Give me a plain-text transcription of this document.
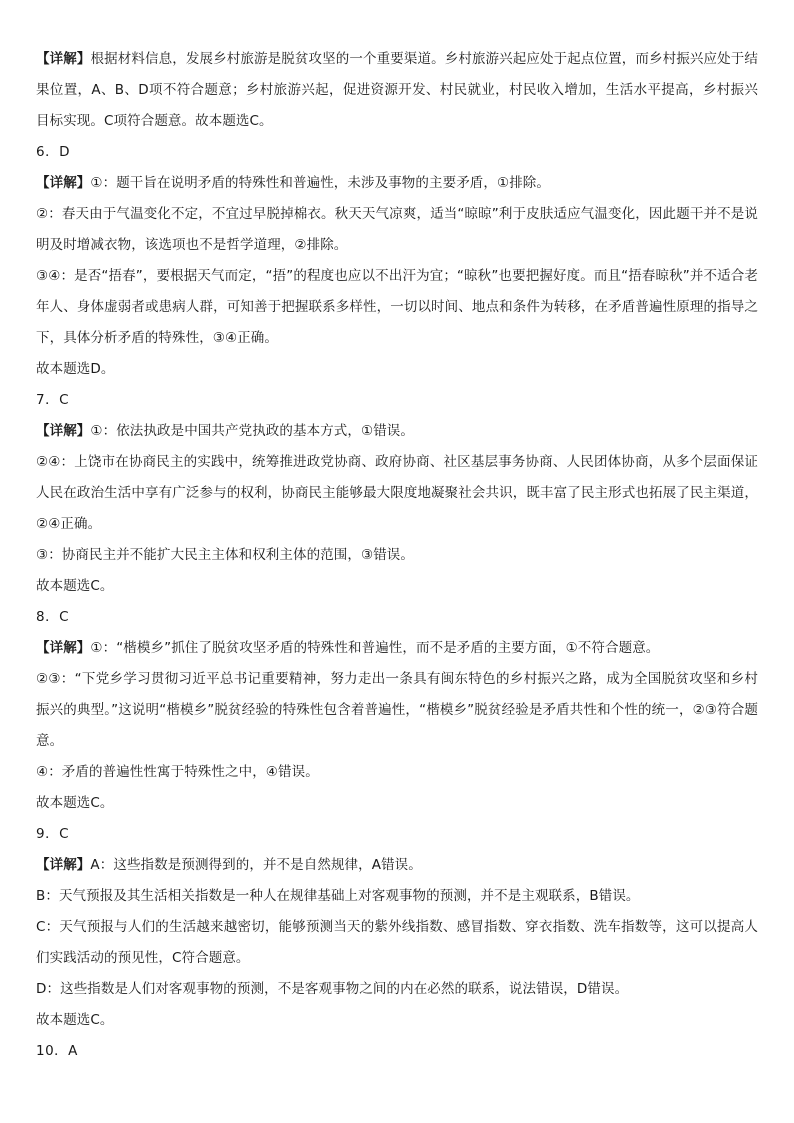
【详解】根据材料信息，发展乡村旅游是脱贫攻坚的一个重要渠道。乡村旅游兴起应处于起点位置，而乡村振兴应处于结果位置，A、B、D项不符合题意；乡村旅游兴起，促进资源开发、村民就业，村民收入增加，生活水平提高，乡村振兴目标实现。C项符合题意。故本题选C。

6．D

【详解】①：题干旨在说明矛盾的特殊性和普遍性，未涉及事物的主要矛盾，①排除。

②：春天由于气温变化不定，不宜过早脱掉棉衣。秋天天气凉爽，适当“晾晾”利于皮肤适应气温变化，因此题干并不是说明及时增减衣物，该选项也不是哲学道理，②排除。

③④：是否“捂春”，要根据天气而定，“捂”的程度也应以不出汗为宜；“晾秋”也要把握好度。而且“捂春晾秋”并不适合老年人、身体虚弱者或患病人群，可知善于把握联系多样性，一切以时间、地点和条件为转移，在矛盾普遍性原理的指导之下，具体分析矛盾的特殊性，③④正确。

故本题选D。

7．C

【详解】①：依法执政是中国共产党执政的基本方式，①错误。

②④：上饶市在协商民主的实践中，统筹推进政党协商、政府协商、社区基层事务协商、人民团体协商，从多个层面保证人民在政治生活中享有广泛参与的权利，协商民主能够最大限度地凝聚社会共识，既丰富了民主形式也拓展了民主渠道，②④正确。

③：协商民主并不能扩大民主主体和权利主体的范围，③错误。

故本题选C。

8．C

【详解】①：“楷模乡”抓住了脱贫攻坚矛盾的特殊性和普遍性，而不是矛盾的主要方面，①不符合题意。

②③：“下党乡学习贯彻习近平总书记重要精神，努力走出一条具有闽东特色的乡村振兴之路，成为全国脱贫攻坚和乡村振兴的典型。”这说明“楷模乡”脱贫经验的特殊性包含着普遍性，“楷模乡”脱贫经验是矛盾共性和个性的统一，②③符合题意。

④：矛盾的普遍性性寓于特殊性之中，④错误。

故本题选C。

9．C

【详解】A：这些指数是预测得到的，并不是自然规律，A错误。

B：天气预报及其生活相关指数是一种人在规律基础上对客观事物的预测，并不是主观联系，B错误。

C：天气预报与人们的生活越来越密切，能够预测当天的紫外线指数、感冒指数、穿衣指数、洗车指数等，这可以提高人们实践活动的预见性，C符合题意。

D：这些指数是人们对客观事物的预测，不是客观事物之间的内在必然的联系，说法错误，D错误。

故本题选C。

10．A
